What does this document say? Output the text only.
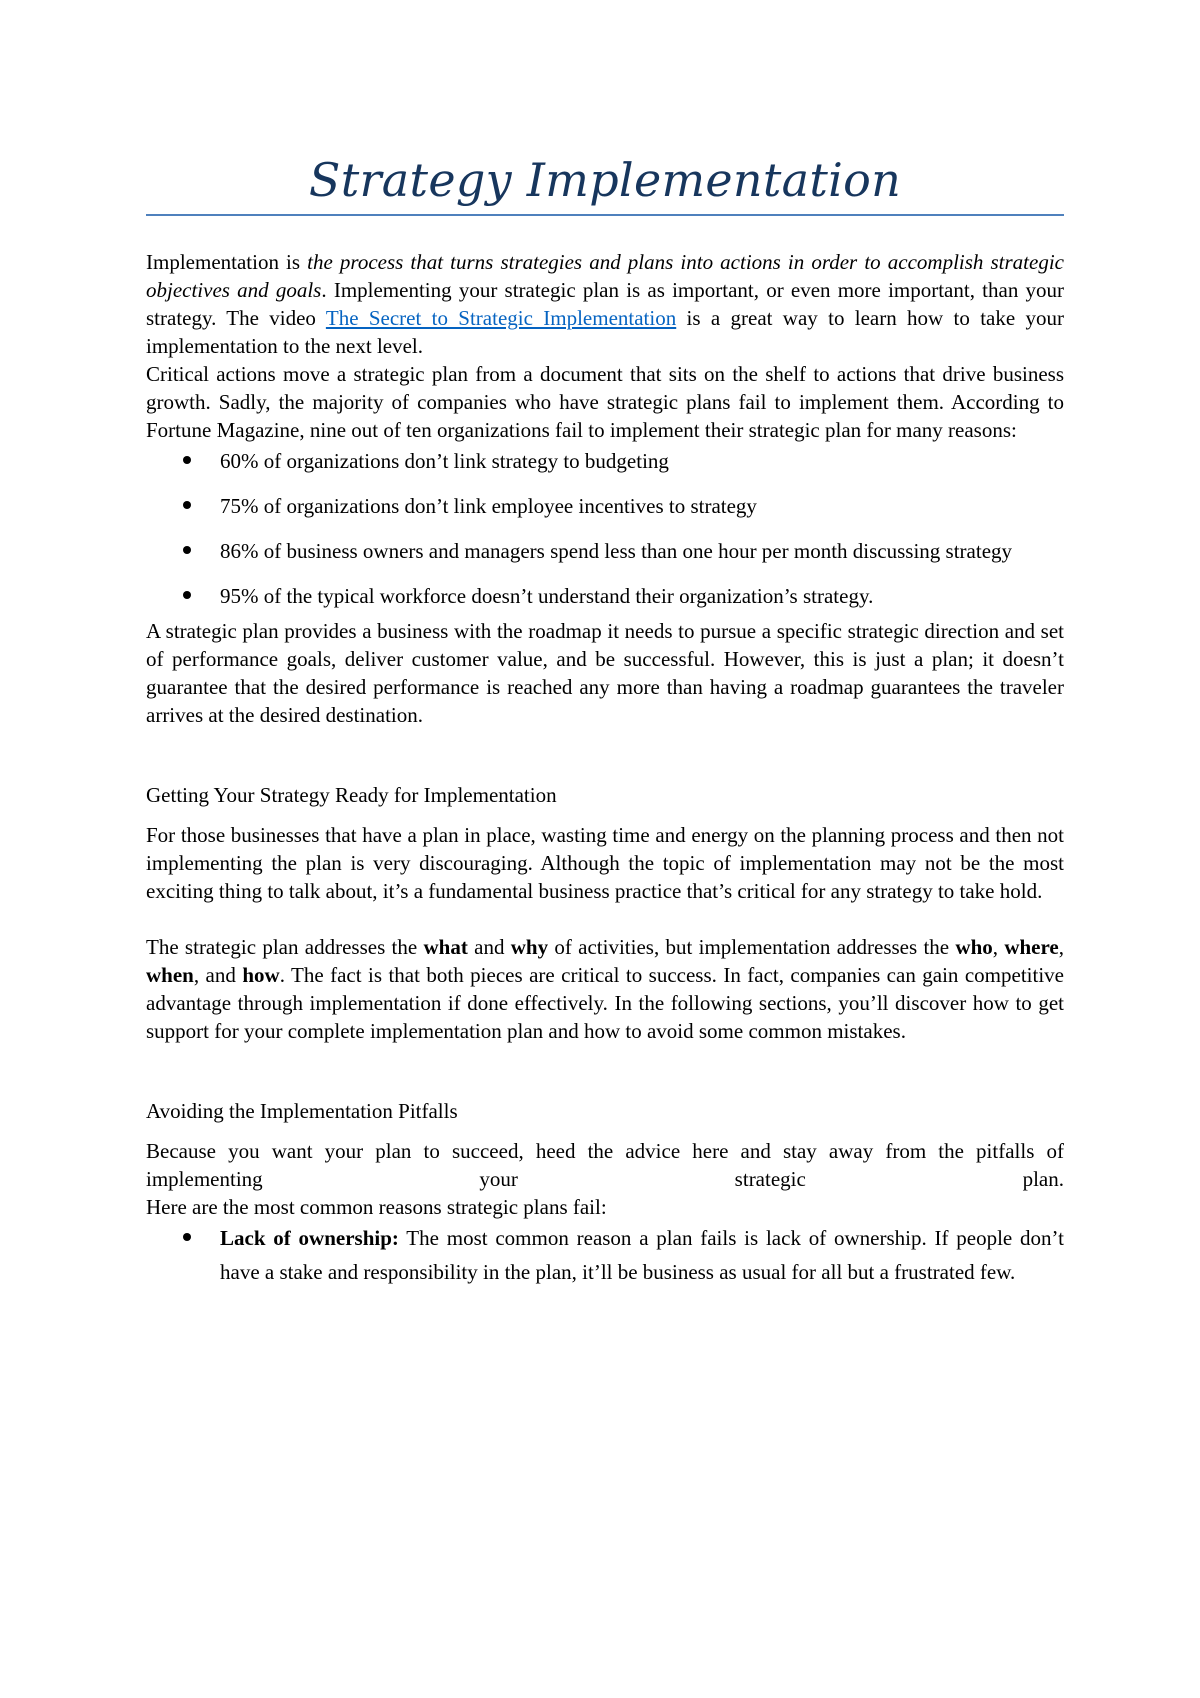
Strategy Implementation

Implementation is the process that turns strategies and plans into actions in order to accomplish strategic objectives and goals. Implementing your strategic plan is as important, or even more important, than your strategy. The video The Secret to Strategic Implementation is a great way to learn how to take your implementation to the next level.

Critical actions move a strategic plan from a document that sits on the shelf to actions that drive business growth. Sadly, the majority of companies who have strategic plans fail to implement them. According to Fortune Magazine, nine out of ten organizations fail to implement their strategic plan for many reasons:

60% of organizations don’t link strategy to budgeting
75% of organizations don’t link employee incentives to strategy
86% of business owners and managers spend less than one hour per month discussing strategy
95% of the typical workforce doesn’t understand their organization’s strategy.

A strategic plan provides a business with the roadmap it needs to pursue a specific strategic direction and set of performance goals, deliver customer value, and be successful. However, this is just a plan; it doesn’t guarantee that the desired performance is reached any more than having a roadmap guarantees the traveler arrives at the desired destination.

Getting Your Strategy Ready for Implementation

For those businesses that have a plan in place, wasting time and energy on the planning process and then not implementing the plan is very discouraging. Although the topic of implementation may not be the most exciting thing to talk about, it’s a fundamental business practice that’s critical for any strategy to take hold.

The strategic plan addresses the what and why of activities, but implementation addresses the who, where, when, and how. The fact is that both pieces are critical to success. In fact, companies can gain competitive advantage through implementation if done effectively. In the following sections, you’ll discover how to get support for your complete implementation plan and how to avoid some common mistakes.

Avoiding the Implementation Pitfalls

Because you want your plan to succeed, heed the advice here and stay away from the pitfalls of implementing your strategic plan.

Here are the most common reasons strategic plans fail:

Lack of ownership: The most common reason a plan fails is lack of ownership. If people don’t have a stake and responsibility in the plan, it’ll be business as usual for all but a frustrated few.
